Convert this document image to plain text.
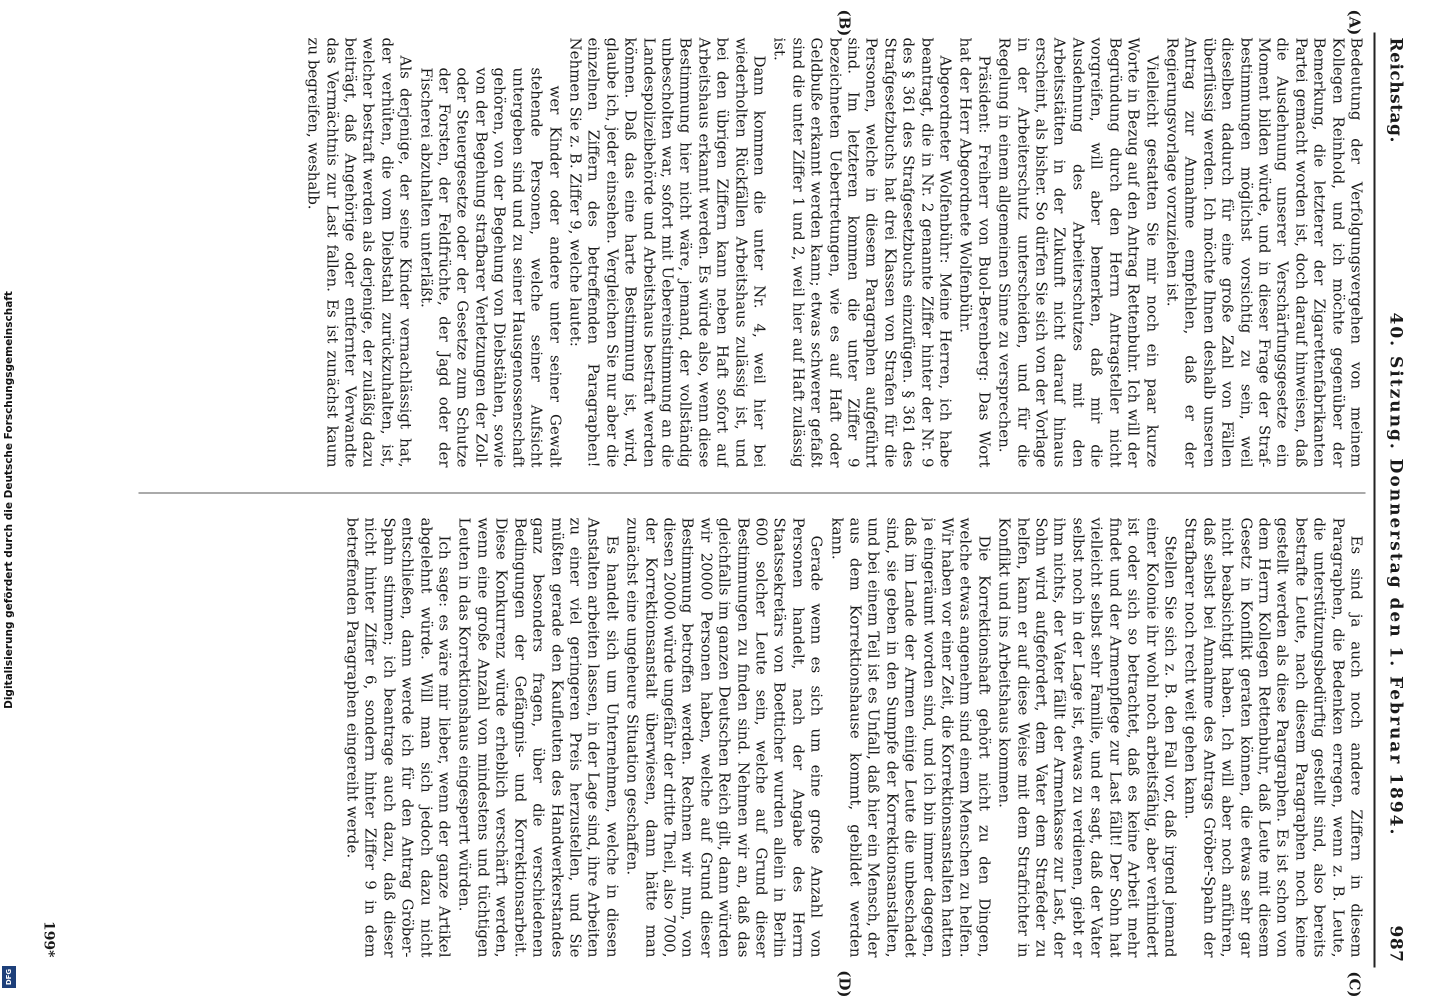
Reichstag.
40. Sitzung. Donnerstag den 1. Februar 1894.
987
(A)
(B)
(C)
(D)

Bedeutung der Verfolgungsvergehen von meinem Kollegen Reinhold, und ich möchte gegenüber der Bemerkung, die letzterer der Zigarettenfabrikanten Partei gemacht worden ist, doch darauf hinweisen, daß die Ausdehnung unserer Verschärfungsgesetze ein Moment bilden würde, und in dieser Frage der Straf-bestimmungen möglichst vorsichtig zu sein, weil dieselben dadurch für eine große Zahl von Fällen überflüssig werden. Ich möchte Ihnen deshalb unseren Antrag zur Annahme empfehlen, daß er der Regierungsvorlage vorzuziehen ist.

Vielleicht gestatten Sie mir noch ein paar kurze Worte in Bezug auf den Antrag Rettenbuhr. Ich will der Begründung durch den Herrn Antragsteller nicht vorgreifen, will aber bemerken, daß mir die Ausdehnung des Arbeiterschutzes mit den Arbeitsstätten in der Zukunft nicht darauf hinaus erscheint, als bisher. So dürfen Sie sich von der Vorlage in der Arbeiterschutz unterscheiden, und für die Regelung in einem allgemeinen Sinne zu versprechen.

Präsident: Freiherr von Buol-Berenberg: Das Wort hat der Herr Abgeordnete Wolfenbühr.

Abgeordneter Wolfenbühr: Meine Herren, ich habe beantragt, die in Nr. 2 genannte Ziffer hinter der Nr. 9 des § 361 des Strafgesetzbuchs einzufügen. § 361 des Strafgesetzbuchs hat drei Klassen von Strafen für die Personen, welche in diesem Paragraphen aufgeführt sind. Im letzteren kommen die unter Ziffer 9 bezeichneten Uebertretungen, wie es auf Haft oder Geldbuße erkannt werden kann; etwas schwerer gefaßt sind die unter Ziffer 1 und 2, weil hier auf Haft zulässig ist.

Dann kommen die unter Nr. 4, weil hier bei wiederholten Rückfällen Arbeitshaus zulässig ist, und bei den übrigen Ziffern kann neben Haft sofort auf Arbeitshaus erkannt werden. Es würde also, wenn diese Bestimmung hier nicht wäre, jemand, der vollständig unbescholten war, sofort mit Uebereinstimmung an die Landespolizeibehörde und Arbeitshaus bestraft werden können. Daß das eine harte Bestimmung ist, wird, glaube ich, jeder einsehen. Vergleichen Sie nur aber die einzelnen Ziffern des betreffenden Paragraphen! Nehmen Sie z. B. Ziffer 9, welche lautet:

wer Kinder oder andere unter seiner Gewalt stehende Personen, welche seiner Aufsicht untergeben sind und zu seiner Hausgenossenschaft gehören, von der Begehung von Diebstählen, sowie von der Begehung strafbarer Verletzungen der Zoll- oder Steuergesetze oder der Gesetze zum Schutze der Forsten, der Feldfrüchte, der Jagd oder der Fischerei abzuhalten unterläßt.

Als derjenige, der seine Kinder vernachlässigt hat, der verhüten, die vom Diebstahl zurückzuhalten, ist, welcher bestraft werden als derjenige, der zuläßig dazu beiträgt, daß Angehörige oder entfernter Verwandte das Vermächtnis zur Last fallen. Es ist zunächst kaum zu begreifen, weshalb.

Es sind ja auch noch andere Ziffern in diesem Paragraphen, die Bedenken erregen, wenn z. B. Leute, die unterstützungsbedürftig gestellt sind, also bereits bestrafte Leute, nach diesem Paragraphen noch keine gestellt werden als diese Paragraphen. Es ist schon von dem Herrn Kollegen Rettenbuhr, daß Leute mit diesem Gesetz in Konflikt geraten können, die etwas sehr gar nicht beabsichtigt haben. Ich will aber noch anführen, daß selbst bei Annahme des Antrags Gröber-Spahn der Strafbarer noch recht weit gehen kann.

Stellen Sie sich z. B. den Fall vor, daß irgend jemand einer Kolonie ihr wohl noch arbeitsfähig, aber verhindert ist oder sich so betrachtet, daß es keine Arbeit mehr findet und der Armenpflege zur Last fällt! Der Sohn hat vielleicht selbst sehr Familie, und er sagt, daß der Vater selbst noch in der Lage ist, etwas zu verdienen, giebt er ihm nichts, der Vater fällt der Armenkasse zur Last, der Sohn wird aufgefordert, dem Vater dem Strafeder zu helfen, kann er auf diese Weise mit dem Strafrichter in Konflikt und ins Arbeitshaus kommen.

Die Korrektionshaft gehört nicht zu den Dingen, welche etwas angenehm sind einem Menschen zu helfen. Wir haben vor einer Zeit, die Korrektionsanstalten hatten ja eingeräumt worden sind, und ich bin immer dagegen, daß im Lande der Armen einige Leute die unbeschadet sind, sie geben in den Sumpfe der Korrektionsanstalten, und bei einem Teil ist es Unfall, daß hier ein Mensch, der aus dem Korrektionshause kommt, gebildet werden kann.

Gerade wenn es sich um eine große Anzahl von Personen handelt, nach der Angabe des Herrn Staatssekretärs von Boetticher wurden allein in Berlin 600 solcher Leute sein, welche auf Grund dieser Bestimmungen zu finden sind. Nehmen wir an, daß das gleichfalls im ganzen Deutschen Reich gilt, dann würden wir 20000 Personen haben, welche auf Grund dieser Bestimmung betroffen werden. Rechnen wir nun, von diesen 20000 würde ungefähr der dritte Theil, also 7000, der Korrektionsanstalt überwiesen, dann hätte man zunächst eine ungeheure Situation geschaffen.

Es handelt sich um Unternehmen, welche in diesen Anstalten arbeiten lassen, in der Lage sind, ihre Arbeiten zu einer viel geringeren Preis herzustellen, und Sie müßten gerade den Kaufleuten des Handwerkerstandes ganz besonders fragen, über die verschiedenen Bedingungen der Gefängnis- und Korrektionsarbeit. Diese Konkurrenz würde erheblich verschärft werden, wenn eine große Anzahl von mindestens und tüchtigen Leuten in das Korrektionshaus eingesperrt würden.

Ich sage: es wäre mir lieber, wenn der ganze Artikel abgelehnt würde. Will man sich jedoch dazu nicht entschließen, dann werde ich für den Antrag Gröber-Spahn stimmen; ich beantrage auch dazu, daß dieser nicht hinter Ziffer 6, sondern hinter Ziffer 9 in dem betreffenden Paragraphen eingereiht werde.

199*
Digitalisierung gefördert durch die Deutsche Forschungsgemeinschaft
DFG
